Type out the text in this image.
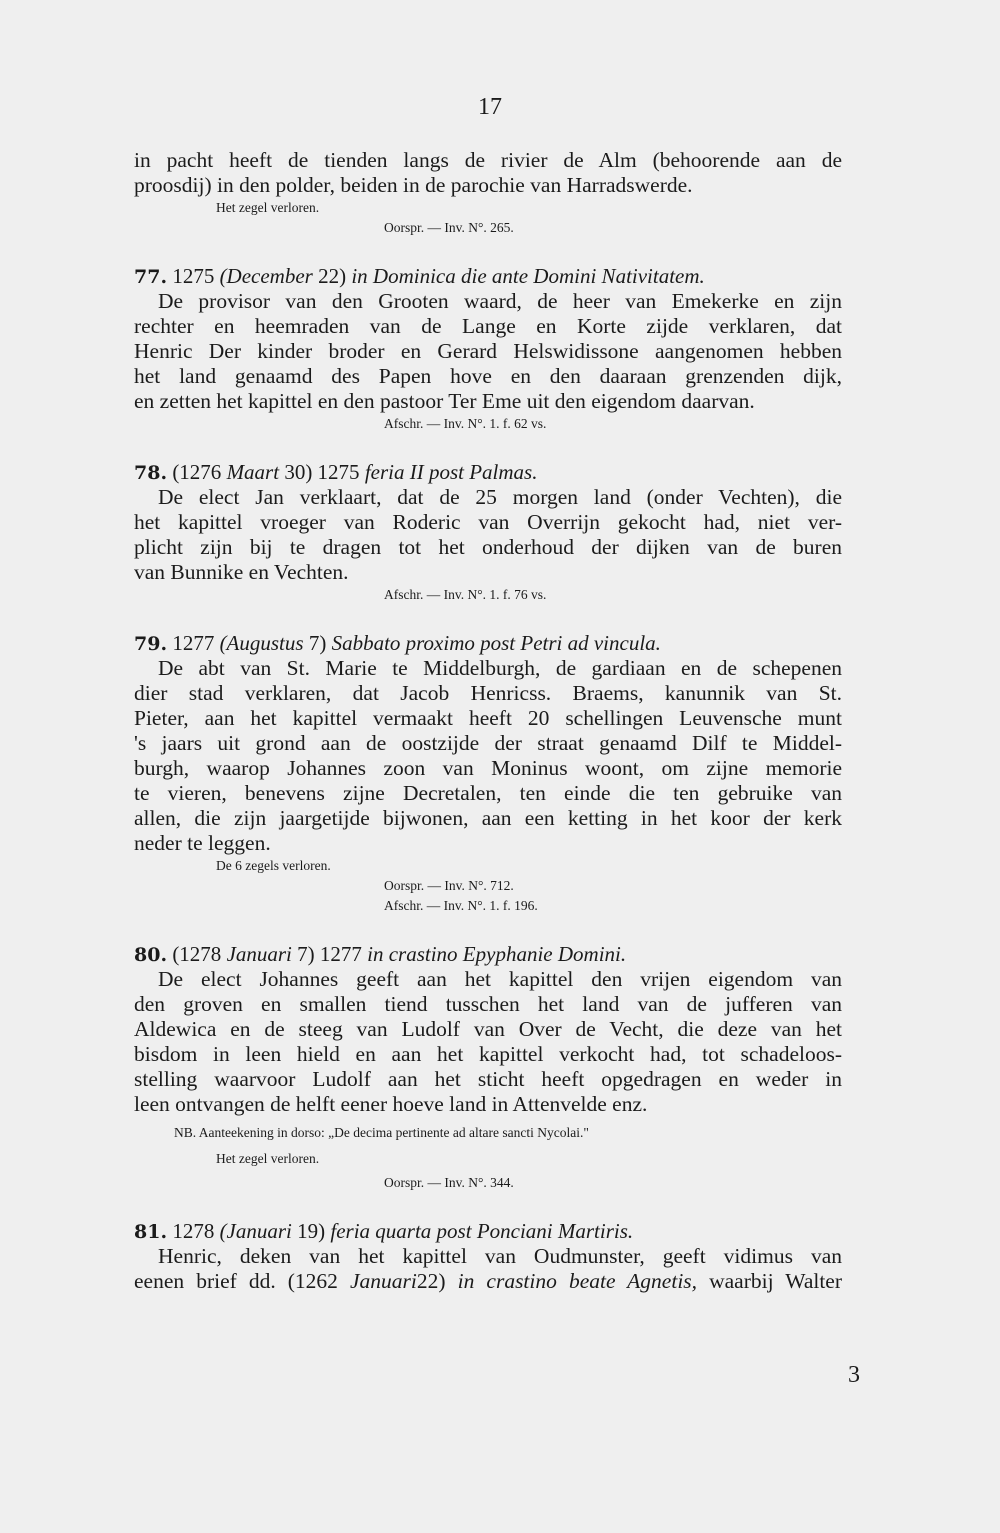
17
in pacht heeft de tienden langs de rivier de Alm (behoorende aan de
proosdij) in den polder, beiden in de parochie van Harradswerde.
Het zegel verloren.
Oorspr. — Inv. N°. 265.
77. 1275 (December 22) in Dominica die ante Domini Nativitatem.
De provisor van den Grooten waard, de heer van Emekerke en zijn
rechter en heemraden van de Lange en Korte zijde verklaren, dat
Henric Der kinder broder en Gerard Helswidissone aangenomen hebben
het land genaamd des Papen hove en den daaraan grenzenden dijk,
en zetten het kapittel en den pastoor Ter Eme uit den eigendom daarvan.
Afschr. — Inv. N°. 1. f. 62 vs.
78. (1276 Maart 30) 1275 feria II post Palmas.
De elect Jan verklaart, dat de 25 morgen land (onder Vechten), die
het kapittel vroeger van Roderic van Overrijn gekocht had, niet ver-
plicht zijn bij te dragen tot het onderhoud der dijken van de buren
van Bunnike en Vechten.
Afschr. — Inv. N°. 1. f. 76 vs.
79. 1277 (Augustus 7) Sabbato proximo post Petri ad vincula.
De abt van St. Marie te Middelburgh, de gardiaan en de schepenen
dier stad verklaren, dat Jacob Henricss. Braems, kanunnik van St.
Pieter, aan het kapittel vermaakt heeft 20 schellingen Leuvensche munt
's jaars uit grond aan de oostzijde der straat genaamd Dilf te Middel-
burgh, waarop Johannes zoon van Moninus woont, om zijne memorie
te vieren, benevens zijne Decretalen, ten einde die ten gebruike van
allen, die zijn jaargetijde bijwonen, aan een ketting in het koor der kerk
neder te leggen.
De 6 zegels verloren.
Oorspr. — Inv. N°. 712.
Afschr. — Inv. N°. 1. f. 196.
80. (1278 Januari 7) 1277 in crastino Epyphanie Domini.
De elect Johannes geeft aan het kapittel den vrijen eigendom van
den groven en smallen tiend tusschen het land van de jufferen van
Aldewica en de steeg van Ludolf van Over de Vecht, die deze van het
bisdom in leen hield en aan het kapittel verkocht had, tot schadeloos-
stelling waarvoor Ludolf aan het sticht heeft opgedragen en weder in
leen ontvangen de helft eener hoeve land in Attenvelde enz.
NB. Aanteekening in dorso: „De decima pertinente ad altare sancti Nycolai."
Het zegel verloren.
Oorspr. — Inv. N°. 344.
81. 1278 (Januari 19) feria quarta post Ponciani Martiris.
Henric, deken van het kapittel van Oudmunster, geeft vidimus van
eenen brief dd. (1262 Januari22) in crastino beate Agnetis, waarbij Walter
3
